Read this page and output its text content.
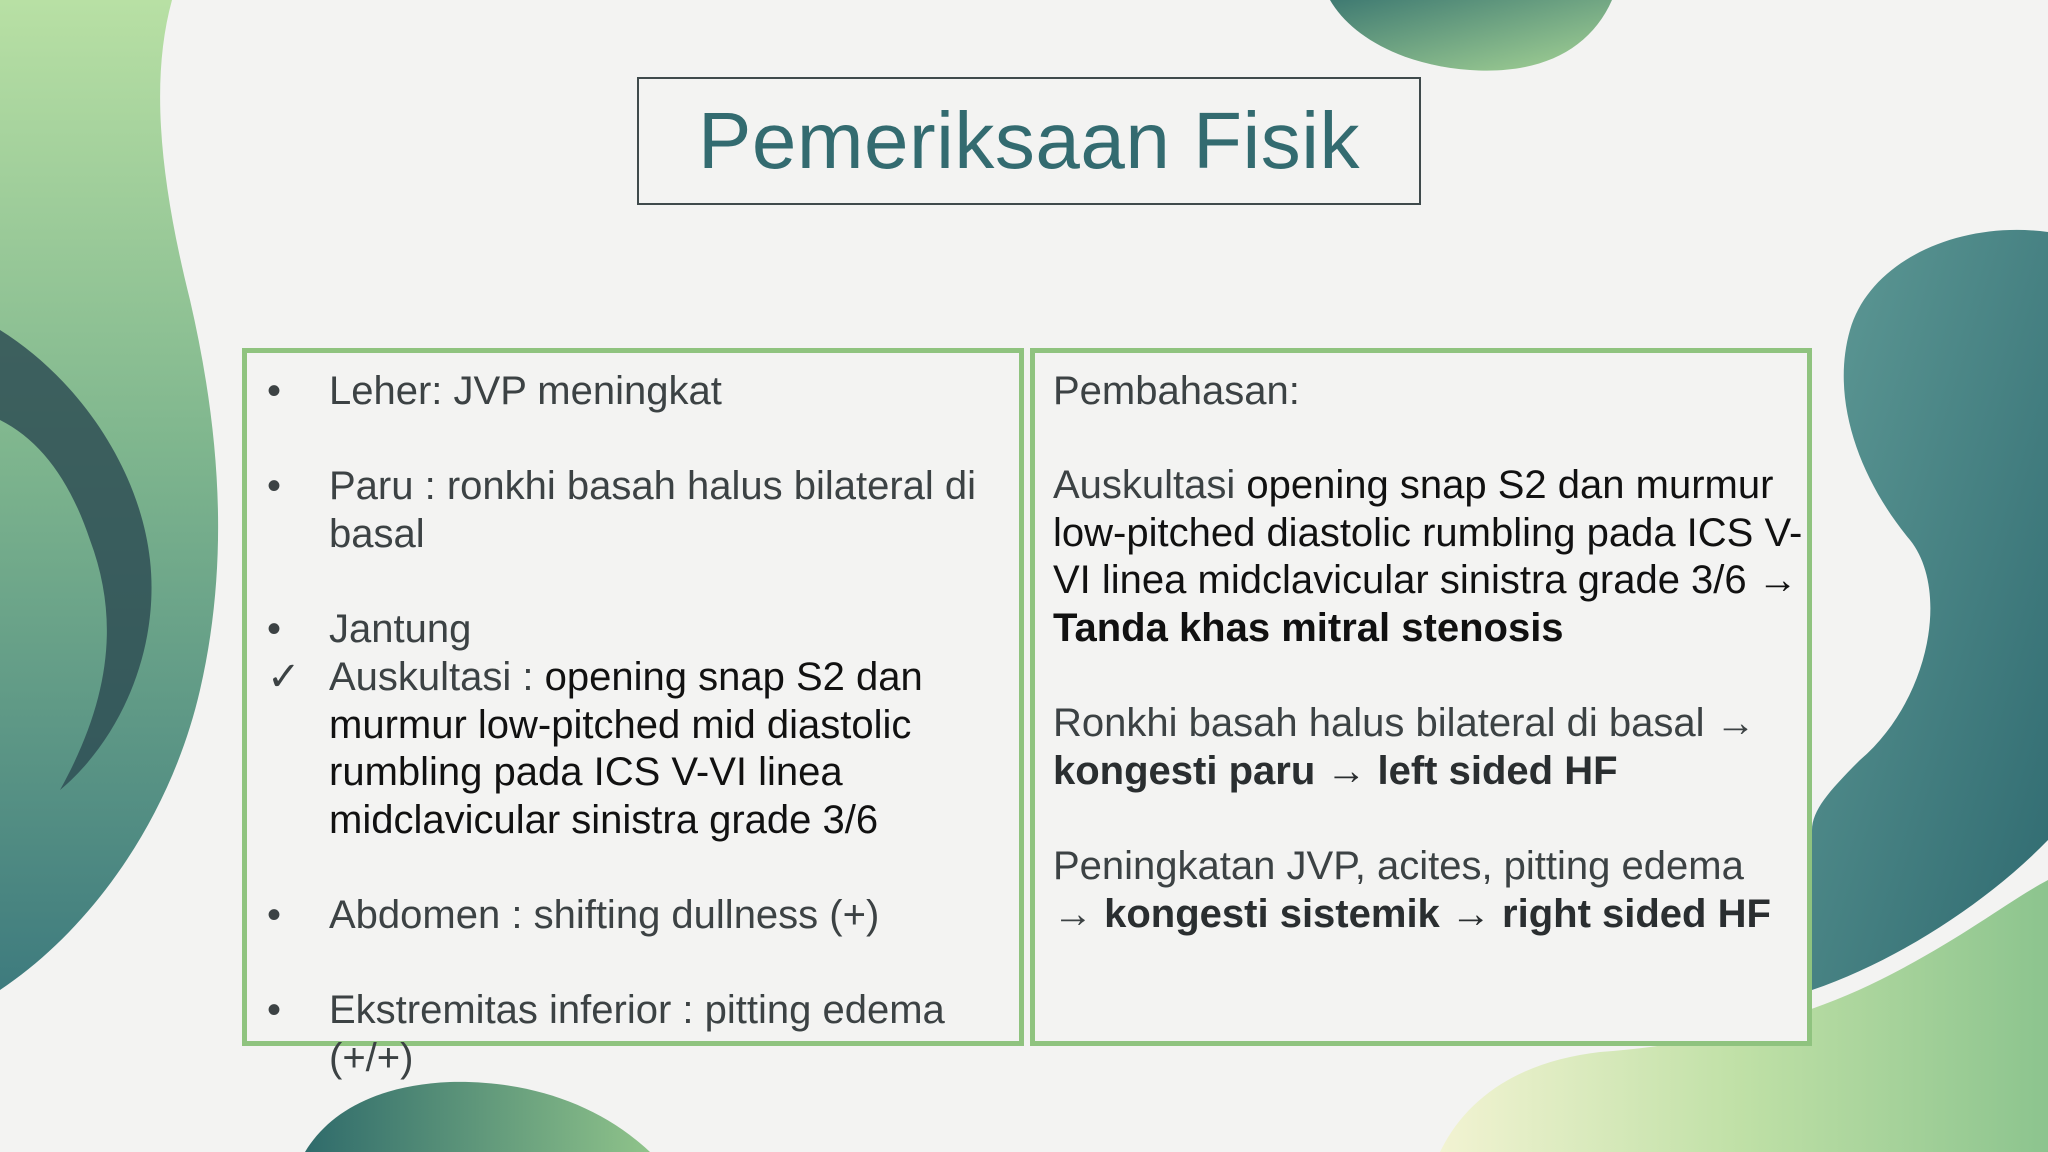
Pemeriksaan Fisik
•	Leher: JVP meningkat
•	Paru : ronkhi basah halus bilateral di basal
•	Jantung
✓ Auskultasi : opening snap S2 dan murmur low-pitched mid diastolic rumbling pada ICS V-VI linea midclavicular sinistra grade 3/6
•	Abdomen : shifting dullness (+)
•	Ekstremitas inferior : pitting edema (+/+)
Pembahasan:
Auskultasi opening snap S2 dan murmur low-pitched diastolic rumbling pada ICS V-VI linea midclavicular sinistra grade 3/6 → Tanda khas mitral stenosis
Ronkhi basah halus bilateral di basal →
kongesti paru → left sided HF
Peningkatan JVP, acites, pitting edema
→ kongesti sistemik → right sided HF
